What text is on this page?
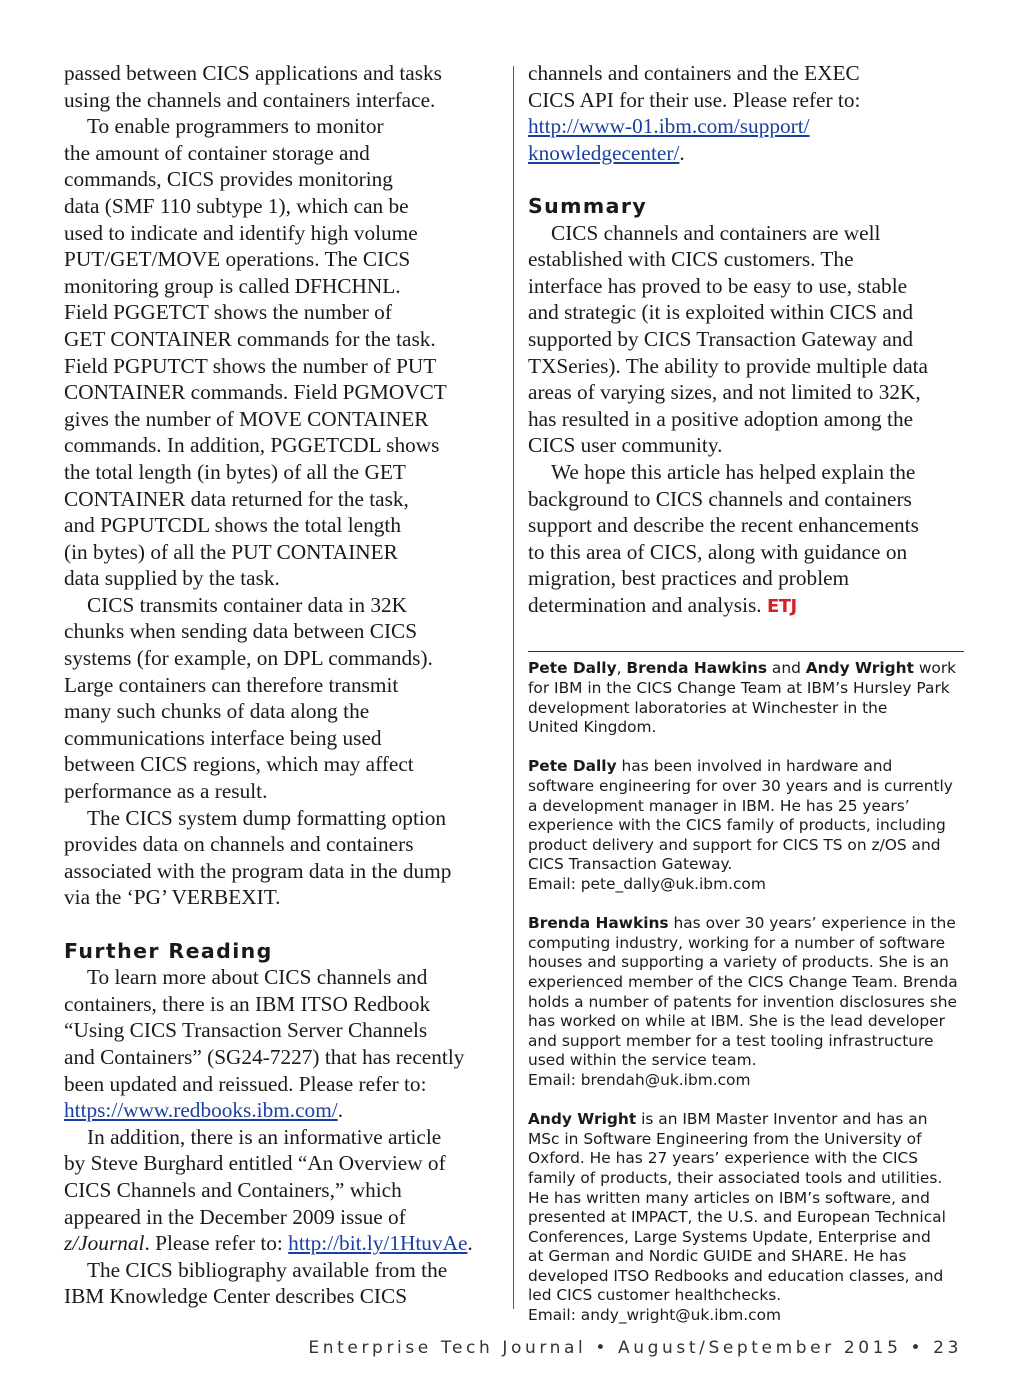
passed between CICS applications and tasks
using the channels and containers interface.
To enable programmers to monitor
the amount of container storage and
commands, CICS provides monitoring
data (SMF 110 subtype 1), which can be
used to indicate and identify high volume
PUT/GET/MOVE operations. The CICS
monitoring group is called DFHCHNL.
Field PGGETCT shows the number of
GET CONTAINER commands for the task.
Field PGPUTCT shows the number of PUT
CONTAINER commands. Field PGMOVCT
gives the number of MOVE CONTAINER
commands. In addition, PGGETCDL shows
the total length (in bytes) of all the GET
CONTAINER data returned for the task,
and PGPUTCDL shows the total length
(in bytes) of all the PUT CONTAINER
data supplied by the task.
CICS transmits container data in 32K
chunks when sending data between CICS
systems (for example, on DPL commands).
Large containers can therefore transmit
many such chunks of data along the
communications interface being used
between CICS regions, which may affect
performance as a result.
The CICS system dump formatting option
provides data on channels and containers
associated with the program data in the dump
via the ‘PG’ VERBEXIT.
Further Reading
To learn more about CICS channels and
containers, there is an IBM ITSO Redbook
“Using CICS Transaction Server Channels
and Containers” (SG24-7227) that has recently
been updated and reissued. Please refer to:
https://www.redbooks.ibm.com/.
In addition, there is an informative article
by Steve Burghard entitled “An Overview of
CICS Channels and Containers,” which
appeared in the December 2009 issue of
z/Journal. Please refer to: http://bit.ly/1HtuvAe.
The CICS bibliography available from the
IBM Knowledge Center describes CICS
channels and containers and the EXEC
CICS API for their use. Please refer to:
http://www-01.ibm.com/support/
knowledgecenter/.
Summary
CICS channels and containers are well
established with CICS customers. The
interface has proved to be easy to use, stable
and strategic (it is exploited within CICS and
supported by CICS Transaction Gateway and
TXSeries). The ability to provide multiple data
areas of varying sizes, and not limited to 32K,
has resulted in a positive adoption among the
CICS user community.
We hope this article has helped explain the
background to CICS channels and containers
support and describe the recent enhancements
to this area of CICS, along with guidance on
migration, best practices and problem
determination and analysis. ETJ
Pete Dally, Brenda Hawkins and Andy Wright work
for IBM in the CICS Change Team at IBM’s Hursley Park
development laboratories at Winchester in the
United Kingdom.
Pete Dally has been involved in hardware and
software engineering for over 30 years and is currently
a development manager in IBM. He has 25 years’
experience with the CICS family of products, including
product delivery and support for CICS TS on z/OS and
CICS Transaction Gateway.
Email: pete_dally@uk.ibm.com
Brenda Hawkins has over 30 years’ experience in the
computing industry, working for a number of software
houses and supporting a variety of products. She is an
experienced member of the CICS Change Team. Brenda
holds a number of patents for invention disclosures she
has worked on while at IBM. She is the lead developer
and support member for a test tooling infrastructure
used within the service team.
Email: brendah@uk.ibm.com
Andy Wright is an IBM Master Inventor and has an
MSc in Software Engineering from the University of
Oxford. He has 27 years’ experience with the CICS
family of products, their associated tools and utilities.
He has written many articles on IBM’s software, and
presented at IMPACT, the U.S. and European Technical
Conferences, Large Systems Update, Enterprise and
at German and Nordic GUIDE and SHARE. He has
developed ITSO Redbooks and education classes, and
led CICS customer healthchecks.
Email: andy_wright@uk.ibm.com
Enterprise Tech Journal • August/September 2015 • 23
